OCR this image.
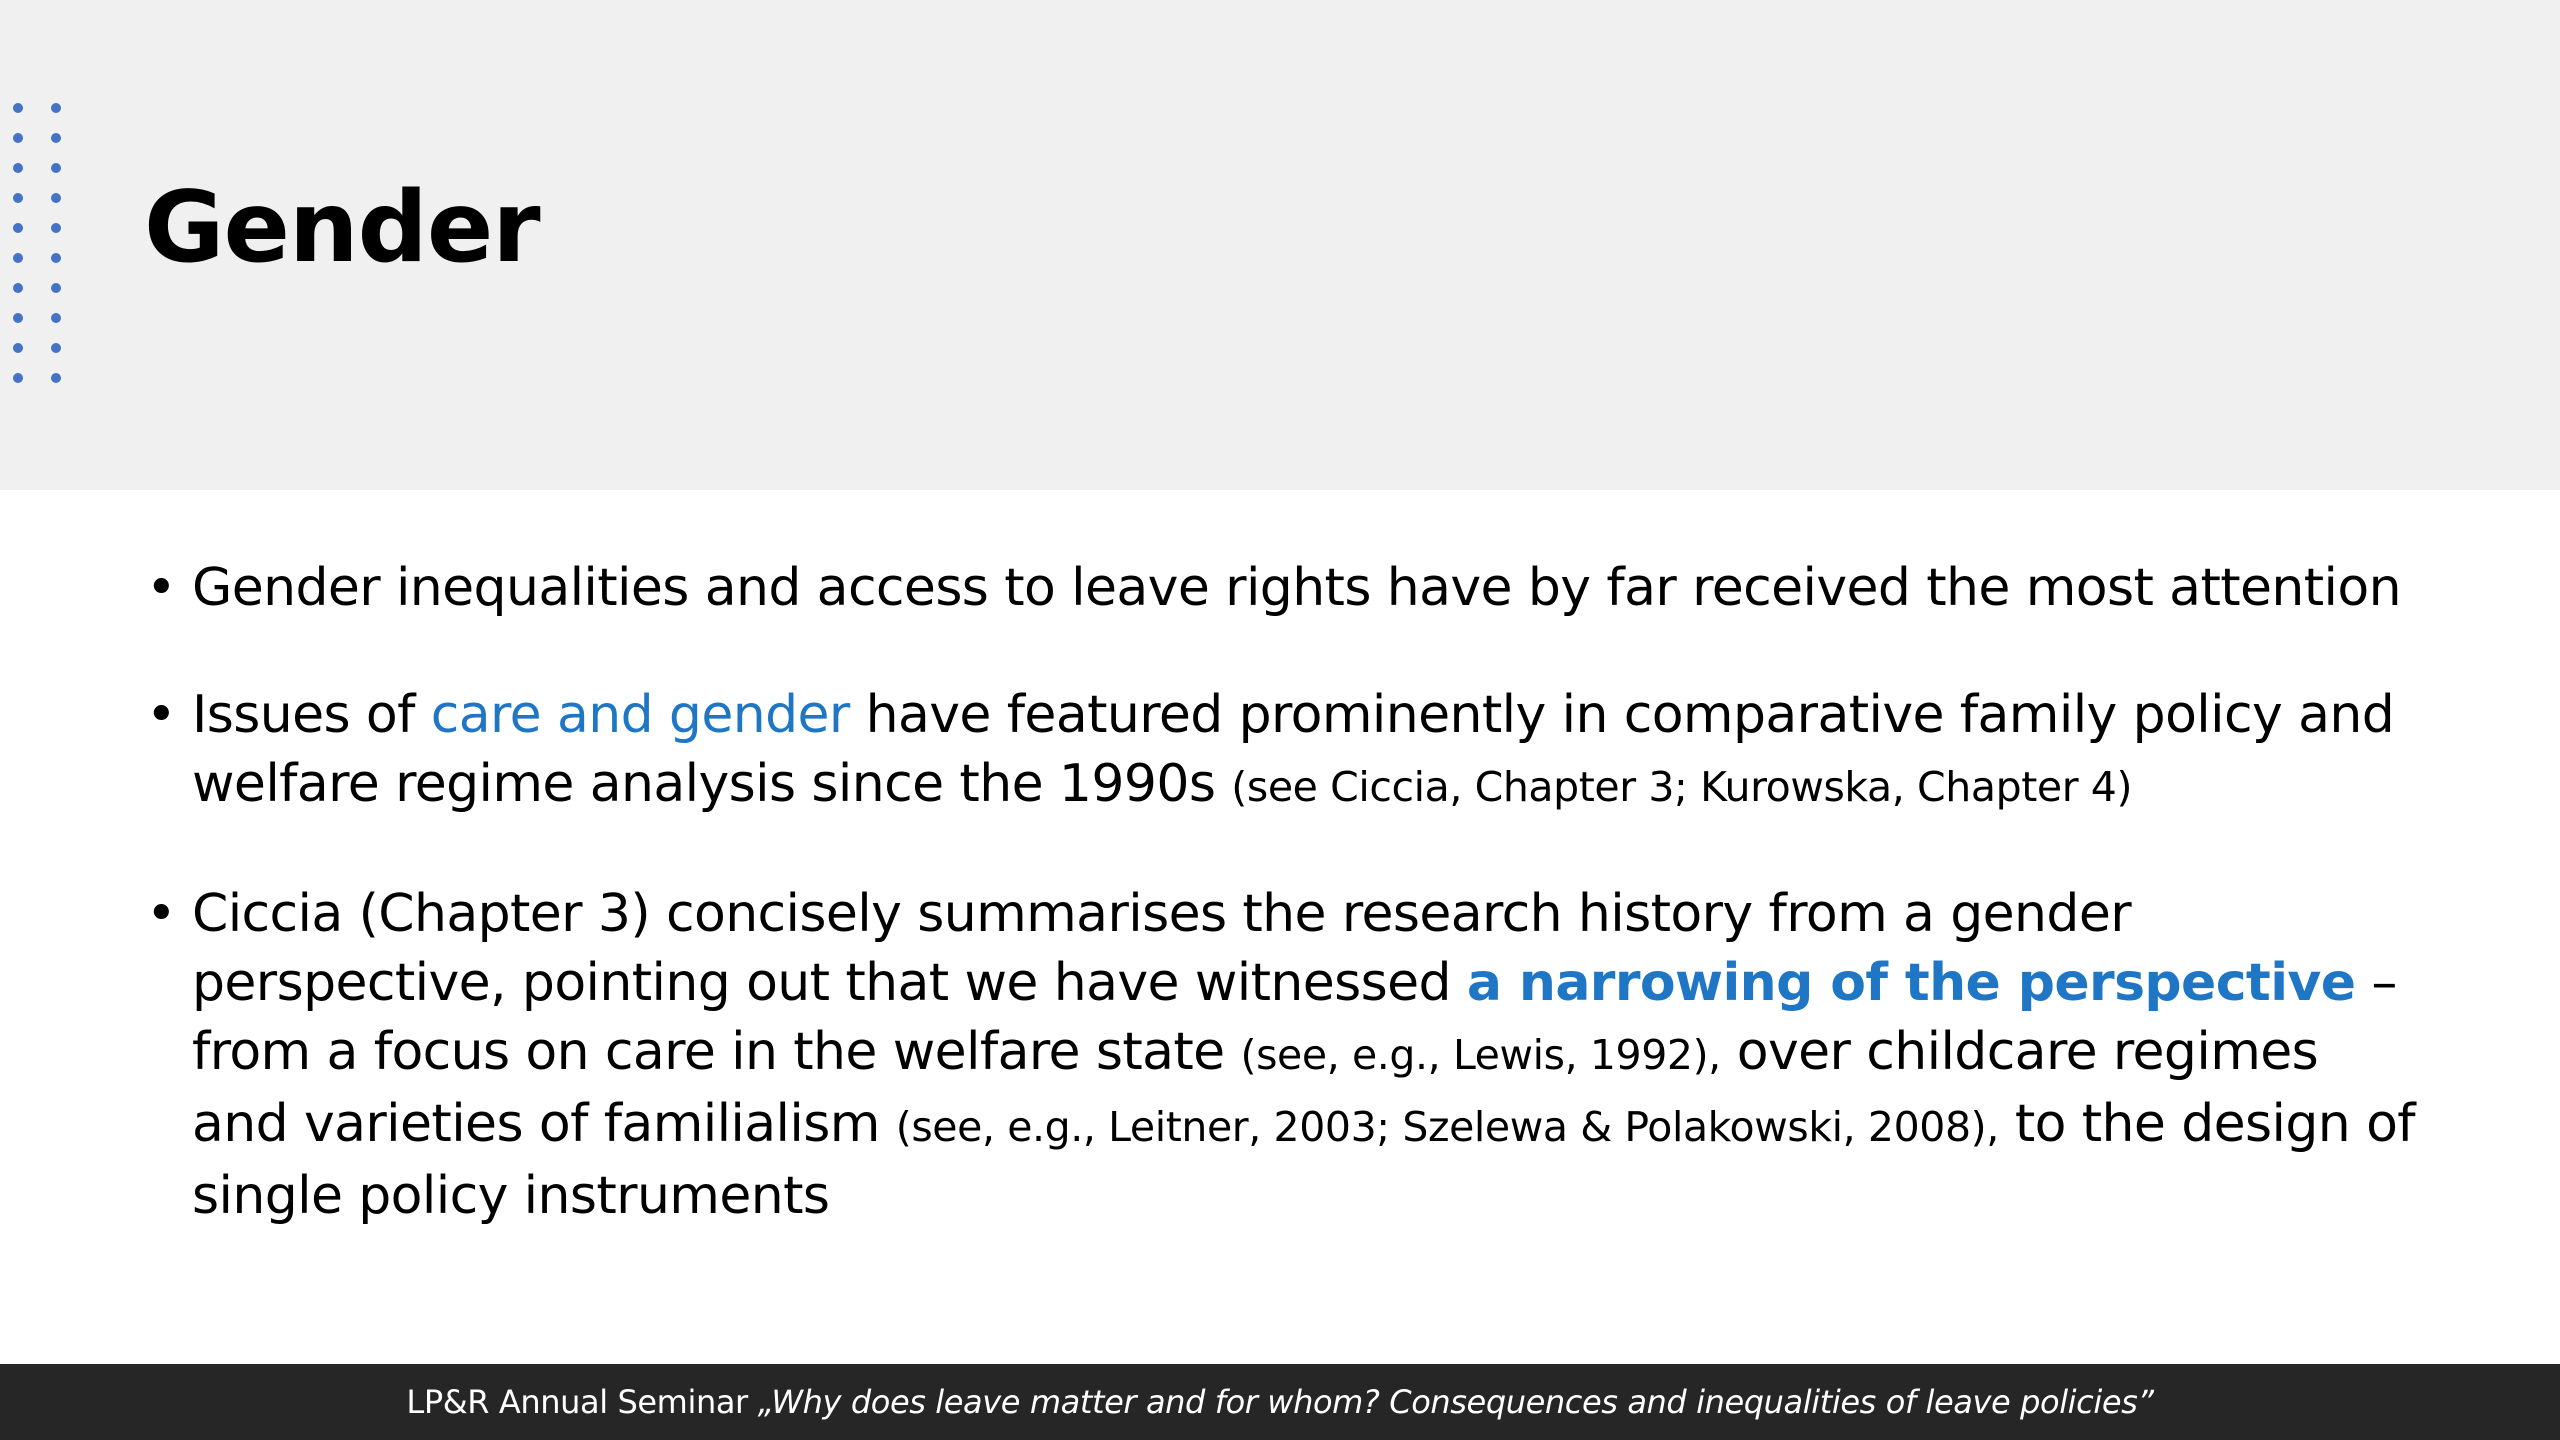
Gender
• Gender inequalities and access to leave rights have by far received the most attention
• Issues of care and gender have featured prominently in comparative family policy and welfare regime analysis since the 1990s (see Ciccia, Chapter 3; Kurowska, Chapter 4)
• Ciccia (Chapter 3) concisely summarises the research history from a gender perspective, pointing out that we have witnessed a narrowing of the perspective – from a focus on care in the welfare state (see, e.g., Lewis, 1992), over childcare regimes and varieties of familialism (see, e.g., Leitner, 2003; Szelewa & Polakowski, 2008), to the design of single policy instruments
LP&R Annual Seminar „Why does leave matter and for whom? Consequences and inequalities of leave policies”
